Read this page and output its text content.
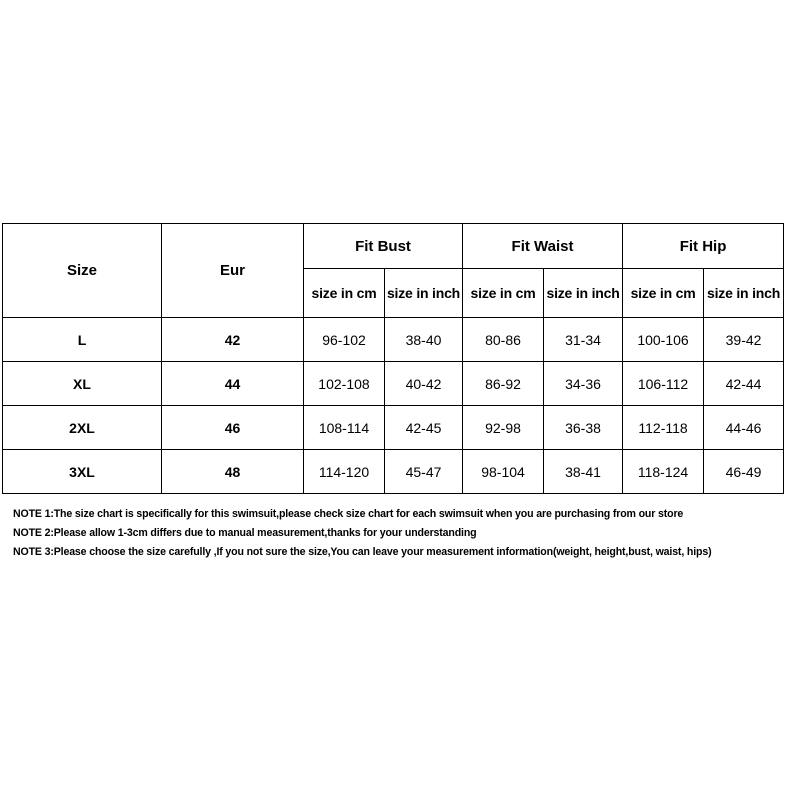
Size	Eur	Fit Bust		Fit Waist		Fit Hip	
		size in cm	size in inch	size in cm	size in inch	size in cm	size in inch
L	42	96-102	38-40	80-86	31-34	100-106	39-42
XL	44	102-108	40-42	86-92	34-36	106-112	42-44
2XL	46	108-114	42-45	92-98	36-38	112-118	44-46
3XL	48	114-120	45-47	98-104	38-41	118-124	46-49
NOTE 1:The size chart is specifically for this swimsuit,please check size chart for each swimsuit when you are purchasing from our store
NOTE 2:Please allow 1-3cm differs due to manual measurement,thanks for your understanding
NOTE 3:Please choose the size carefully ,If you not sure the size,You can leave your measurement information(weight, height,bust, waist, hips)
